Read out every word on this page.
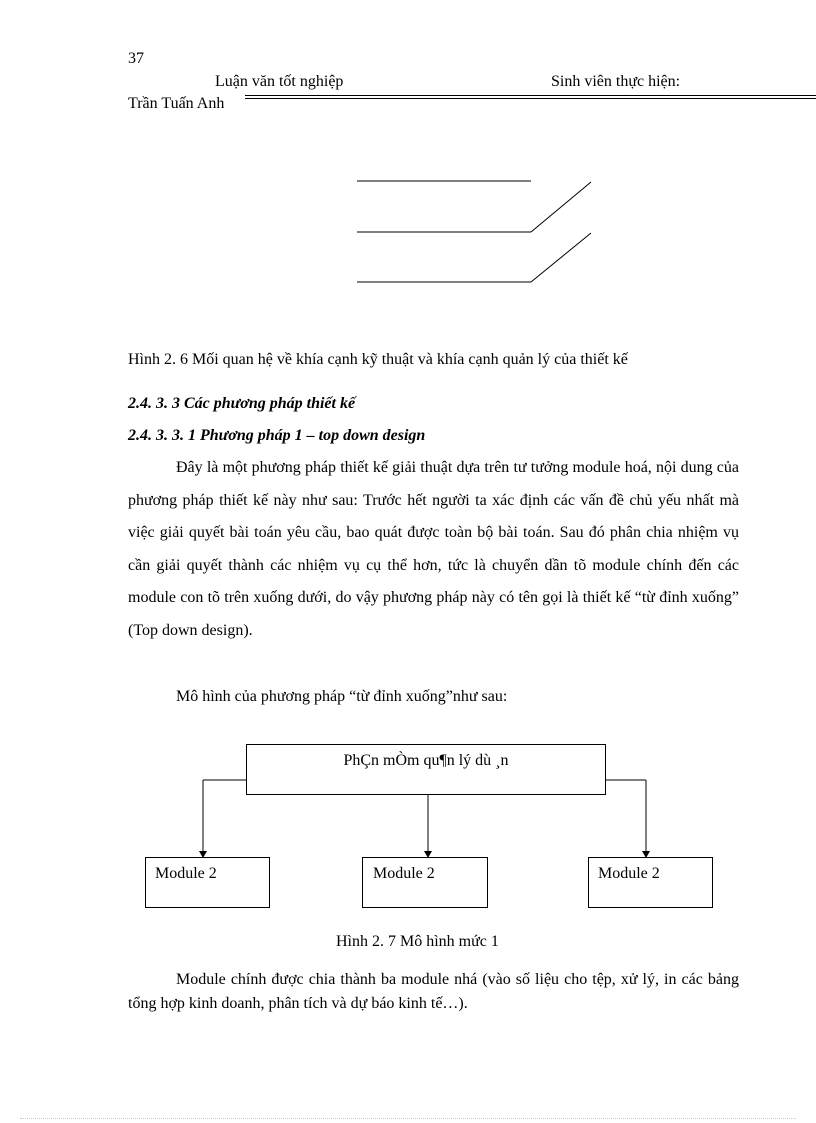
37
Luận văn tốt nghiệp	Sinh viên thực hiện:
Trần Tuấn Anh
Hình 2. 6 Mối quan hệ về khía cạnh kỹ thuật và khía cạnh quản lý của thiết kế
2.4. 3. 3 Các phương pháp thiết kế
2.4. 3. 3. 1 Phương pháp 1 – top down design

Đây là một phương pháp thiết kế giải thuật dựa trên tư tưởng module hoá, nội dung của phương pháp thiết kế này như sau: Trước hết người ta xác định các vấn đề chủ yếu nhất mà việc giải quyết bài toán yêu cầu, bao quát được toàn bộ bài toán. Sau đó phân chia nhiệm vụ cần giải quyết thành các nhiệm vụ cụ thể hơn, tức là chuyển dần tõ module chính đến các module con tõ trên xuống dưới, do vậy phương pháp này có tên gọi là thiết kế “từ đỉnh xuống” (Top down design).

Mô hình của phương pháp “từ đỉnh xuống”như sau:
PhÇn mÒm qu¶n lý dù ¸n
Module 2	Module 2	Module 2
Hình 2. 7 Mô hình mức 1

Module chính được chia thành ba module nhá (vào số liệu cho tệp, xử lý, in các bảng tổng hợp kinh doanh, phân tích và dự báo kinh tế…).
